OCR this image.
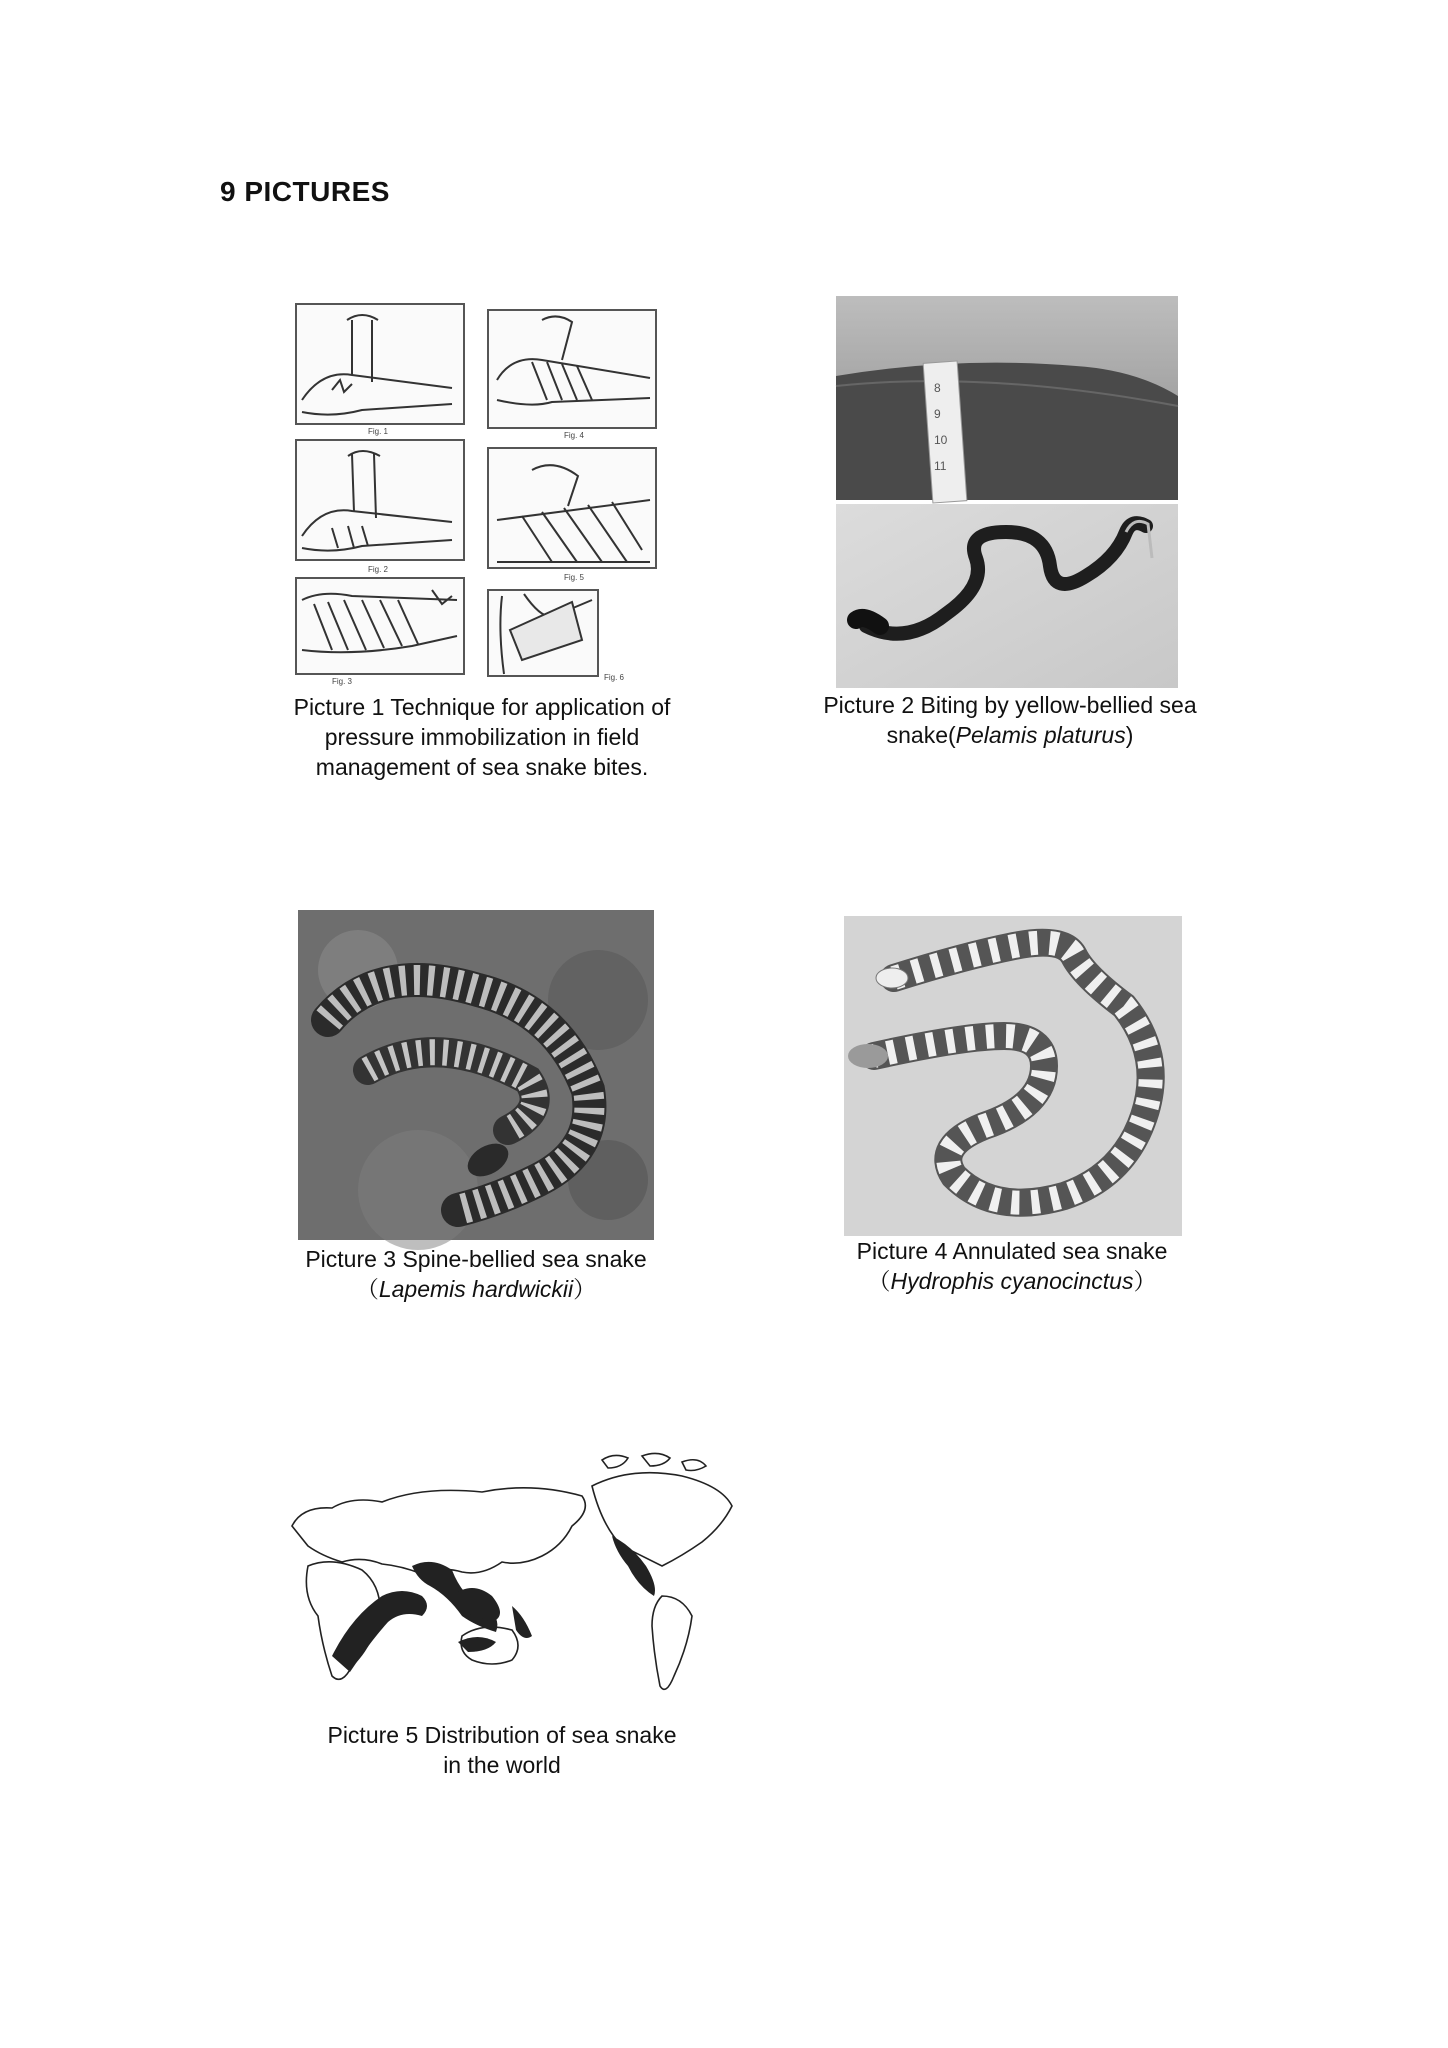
9 PICTURES
Fig. 1	Fig. 4
Fig. 2
Fig. 5
Fig. 3	Fig. 6
Picture 1 Technique for application of
pressure immobilization in field
management of sea snake bites.
8
9
10
11
Picture 2 Biting by yellow-bellied sea
snake(Pelamis platurus)
Picture 3 Spine-bellied sea snake
（Lapemis hardwickii）
Picture 4 Annulated sea snake
（Hydrophis cyanocinctus）
Picture 5 Distribution of sea snake
in the world
